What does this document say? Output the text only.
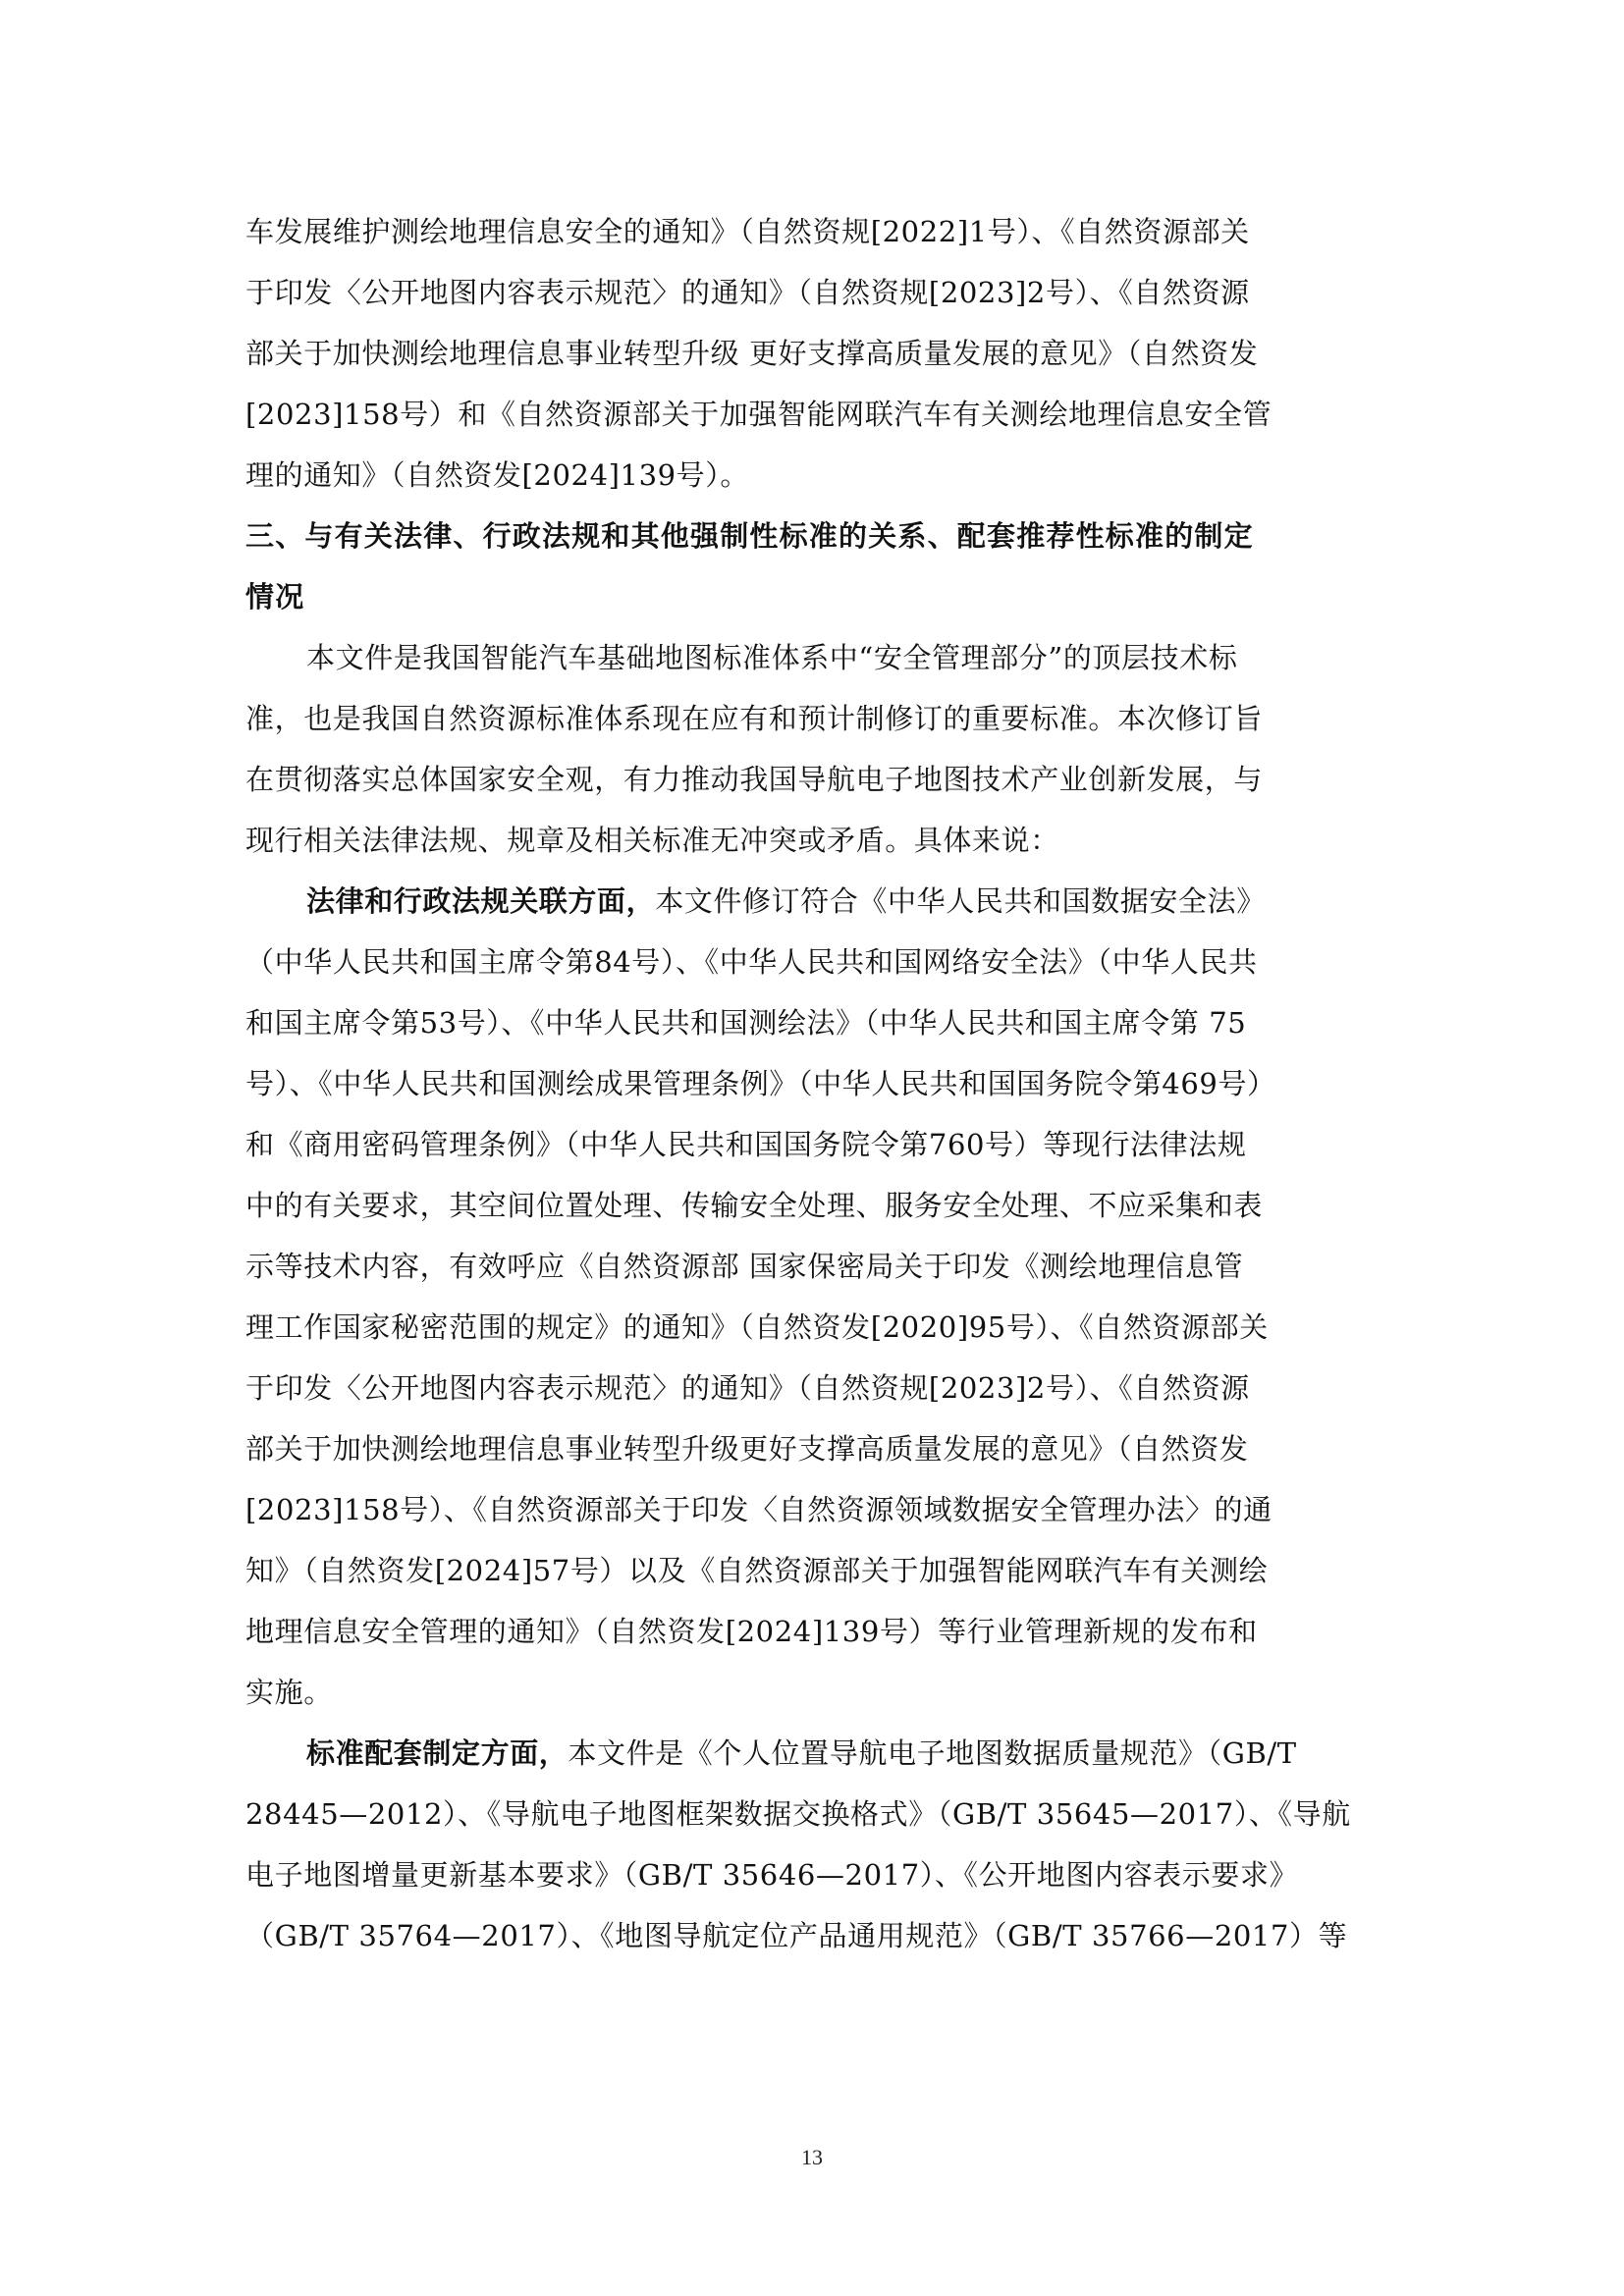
车发展维护测绘地理信息安全的通知》（自然资规[2022]1号）、《自然资源部关
于印发〈公开地图内容表示规范〉的通知》（自然资规[2023]2号）、《自然资源
部关于加快测绘地理信息事业转型升级 更好支撑高质量发展的意见》（自然资发
[2023]158号）和《自然资源部关于加强智能网联汽车有关测绘地理信息安全管
理的通知》（自然资发[2024]139号）。
三、与有关法律、行政法规和其他强制性标准的关系、配套推荐性标准的制定
情况
本文件是我国智能汽车基础地图标准体系中“安全管理部分”的顶层技术标
准，也是我国自然资源标准体系现在应有和预计制修订的重要标准。本次修订旨
在贯彻落实总体国家安全观，有力推动我国导航电子地图技术产业创新发展，与
现行相关法律法规、规章及相关标准无冲突或矛盾。具体来说：
法律和行政法规关联方面，本文件修订符合《中华人民共和国数据安全法》
（中华人民共和国主席令第84号）、《中华人民共和国网络安全法》（中华人民共
和国主席令第53号）、《中华人民共和国测绘法》（中华人民共和国主席令第 75
号）、《中华人民共和国测绘成果管理条例》（中华人民共和国国务院令第469号）
和《商用密码管理条例》（中华人民共和国国务院令第760号）等现行法律法规
中的有关要求，其空间位置处理、传输安全处理、服务安全处理、不应采集和表
示等技术内容，有效呼应《自然资源部 国家保密局关于印发《测绘地理信息管
理工作国家秘密范围的规定》的通知》（自然资发[2020]95号）、《自然资源部关
于印发〈公开地图内容表示规范〉的通知》（自然资规[2023]2号）、《自然资源
部关于加快测绘地理信息事业转型升级更好支撑高质量发展的意见》（自然资发
[2023]158号）、《自然资源部关于印发〈自然资源领域数据安全管理办法〉的通
知》（自然资发[2024]57号）以及《自然资源部关于加强智能网联汽车有关测绘
地理信息安全管理的通知》（自然资发[2024]139号）等行业管理新规的发布和
实施。
标准配套制定方面，本文件是《个人位置导航电子地图数据质量规范》（GB/T
28445—2012）、《导航电子地图框架数据交换格式》（GB/T 35645—2017）、《导航
电子地图增量更新基本要求》（GB/T 35646—2017）、《公开地图内容表示要求》
（GB/T 35764—2017）、《地图导航定位产品通用规范》（GB/T 35766—2017）等
13
